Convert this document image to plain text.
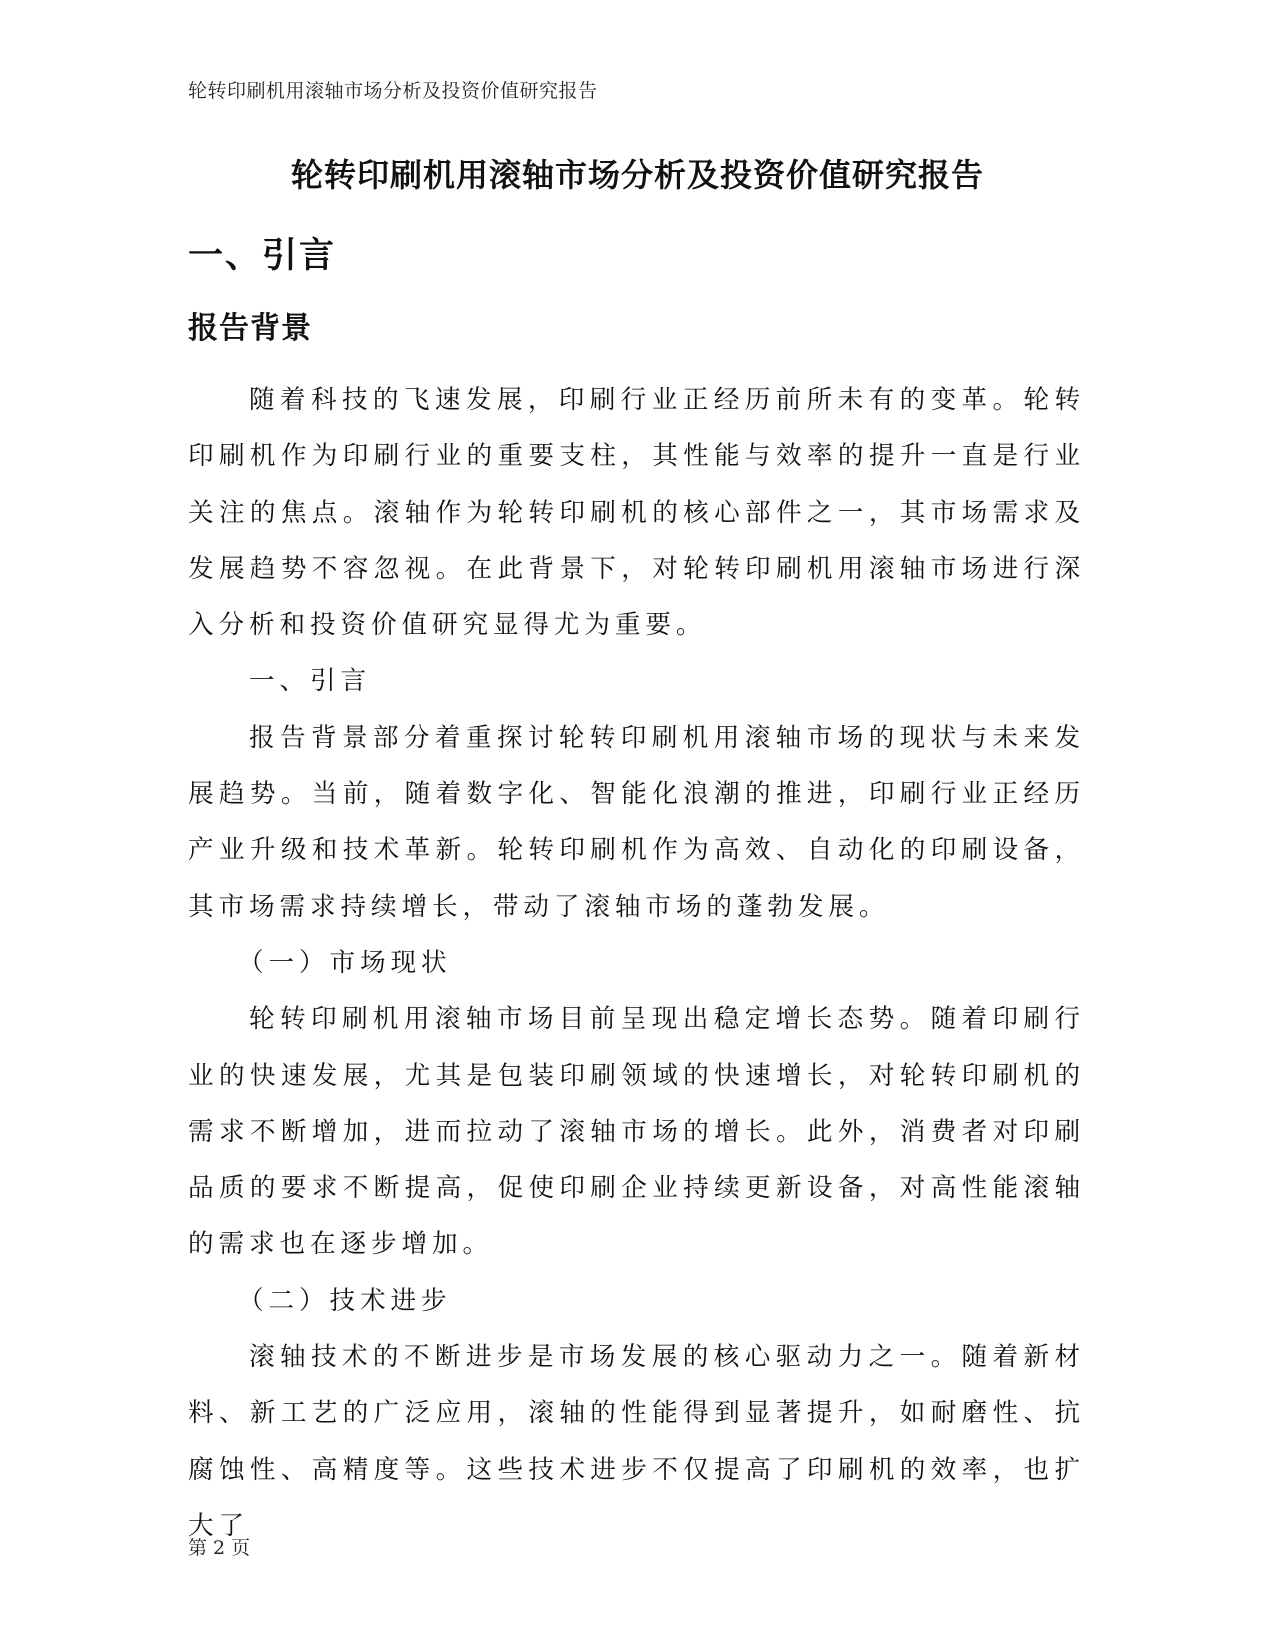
轮转印刷机用滚轴市场分析及投资价值研究报告
轮转印刷机用滚轴市场分析及投资价值研究报告
一、引言
报告背景

随着科技的飞速发展，印刷行业正经历前所未有的变革。轮转印刷机作为印刷行业的重要支柱，其性能与效率的提升一直是行业关注的焦点。滚轴作为轮转印刷机的核心部件之一，其市场需求及发展趋势不容忽视。在此背景下，对轮转印刷机用滚轴市场进行深入分析和投资价值研究显得尤为重要。

一、引言

报告背景部分着重探讨轮转印刷机用滚轴市场的现状与未来发展趋势。当前，随着数字化、智能化浪潮的推进，印刷行业正经历产业升级和技术革新。轮转印刷机作为高效、自动化的印刷设备，其市场需求持续增长，带动了滚轴市场的蓬勃发展。

（一）市场现状

轮转印刷机用滚轴市场目前呈现出稳定增长态势。随着印刷行业的快速发展，尤其是包装印刷领域的快速增长，对轮转印刷机的需求不断增加，进而拉动了滚轴市场的增长。此外，消费者对印刷品质的要求不断提高，促使印刷企业持续更新设备，对高性能滚轴的需求也在逐步增加。

（二）技术进步

滚轴技术的不断进步是市场发展的核心驱动力之一。随着新材料、新工艺的广泛应用，滚轴的性能得到显著提升，如耐磨性、抗腐蚀性、高精度等。这些技术进步不仅提高了印刷机的效率，也扩大了

第 2 页
